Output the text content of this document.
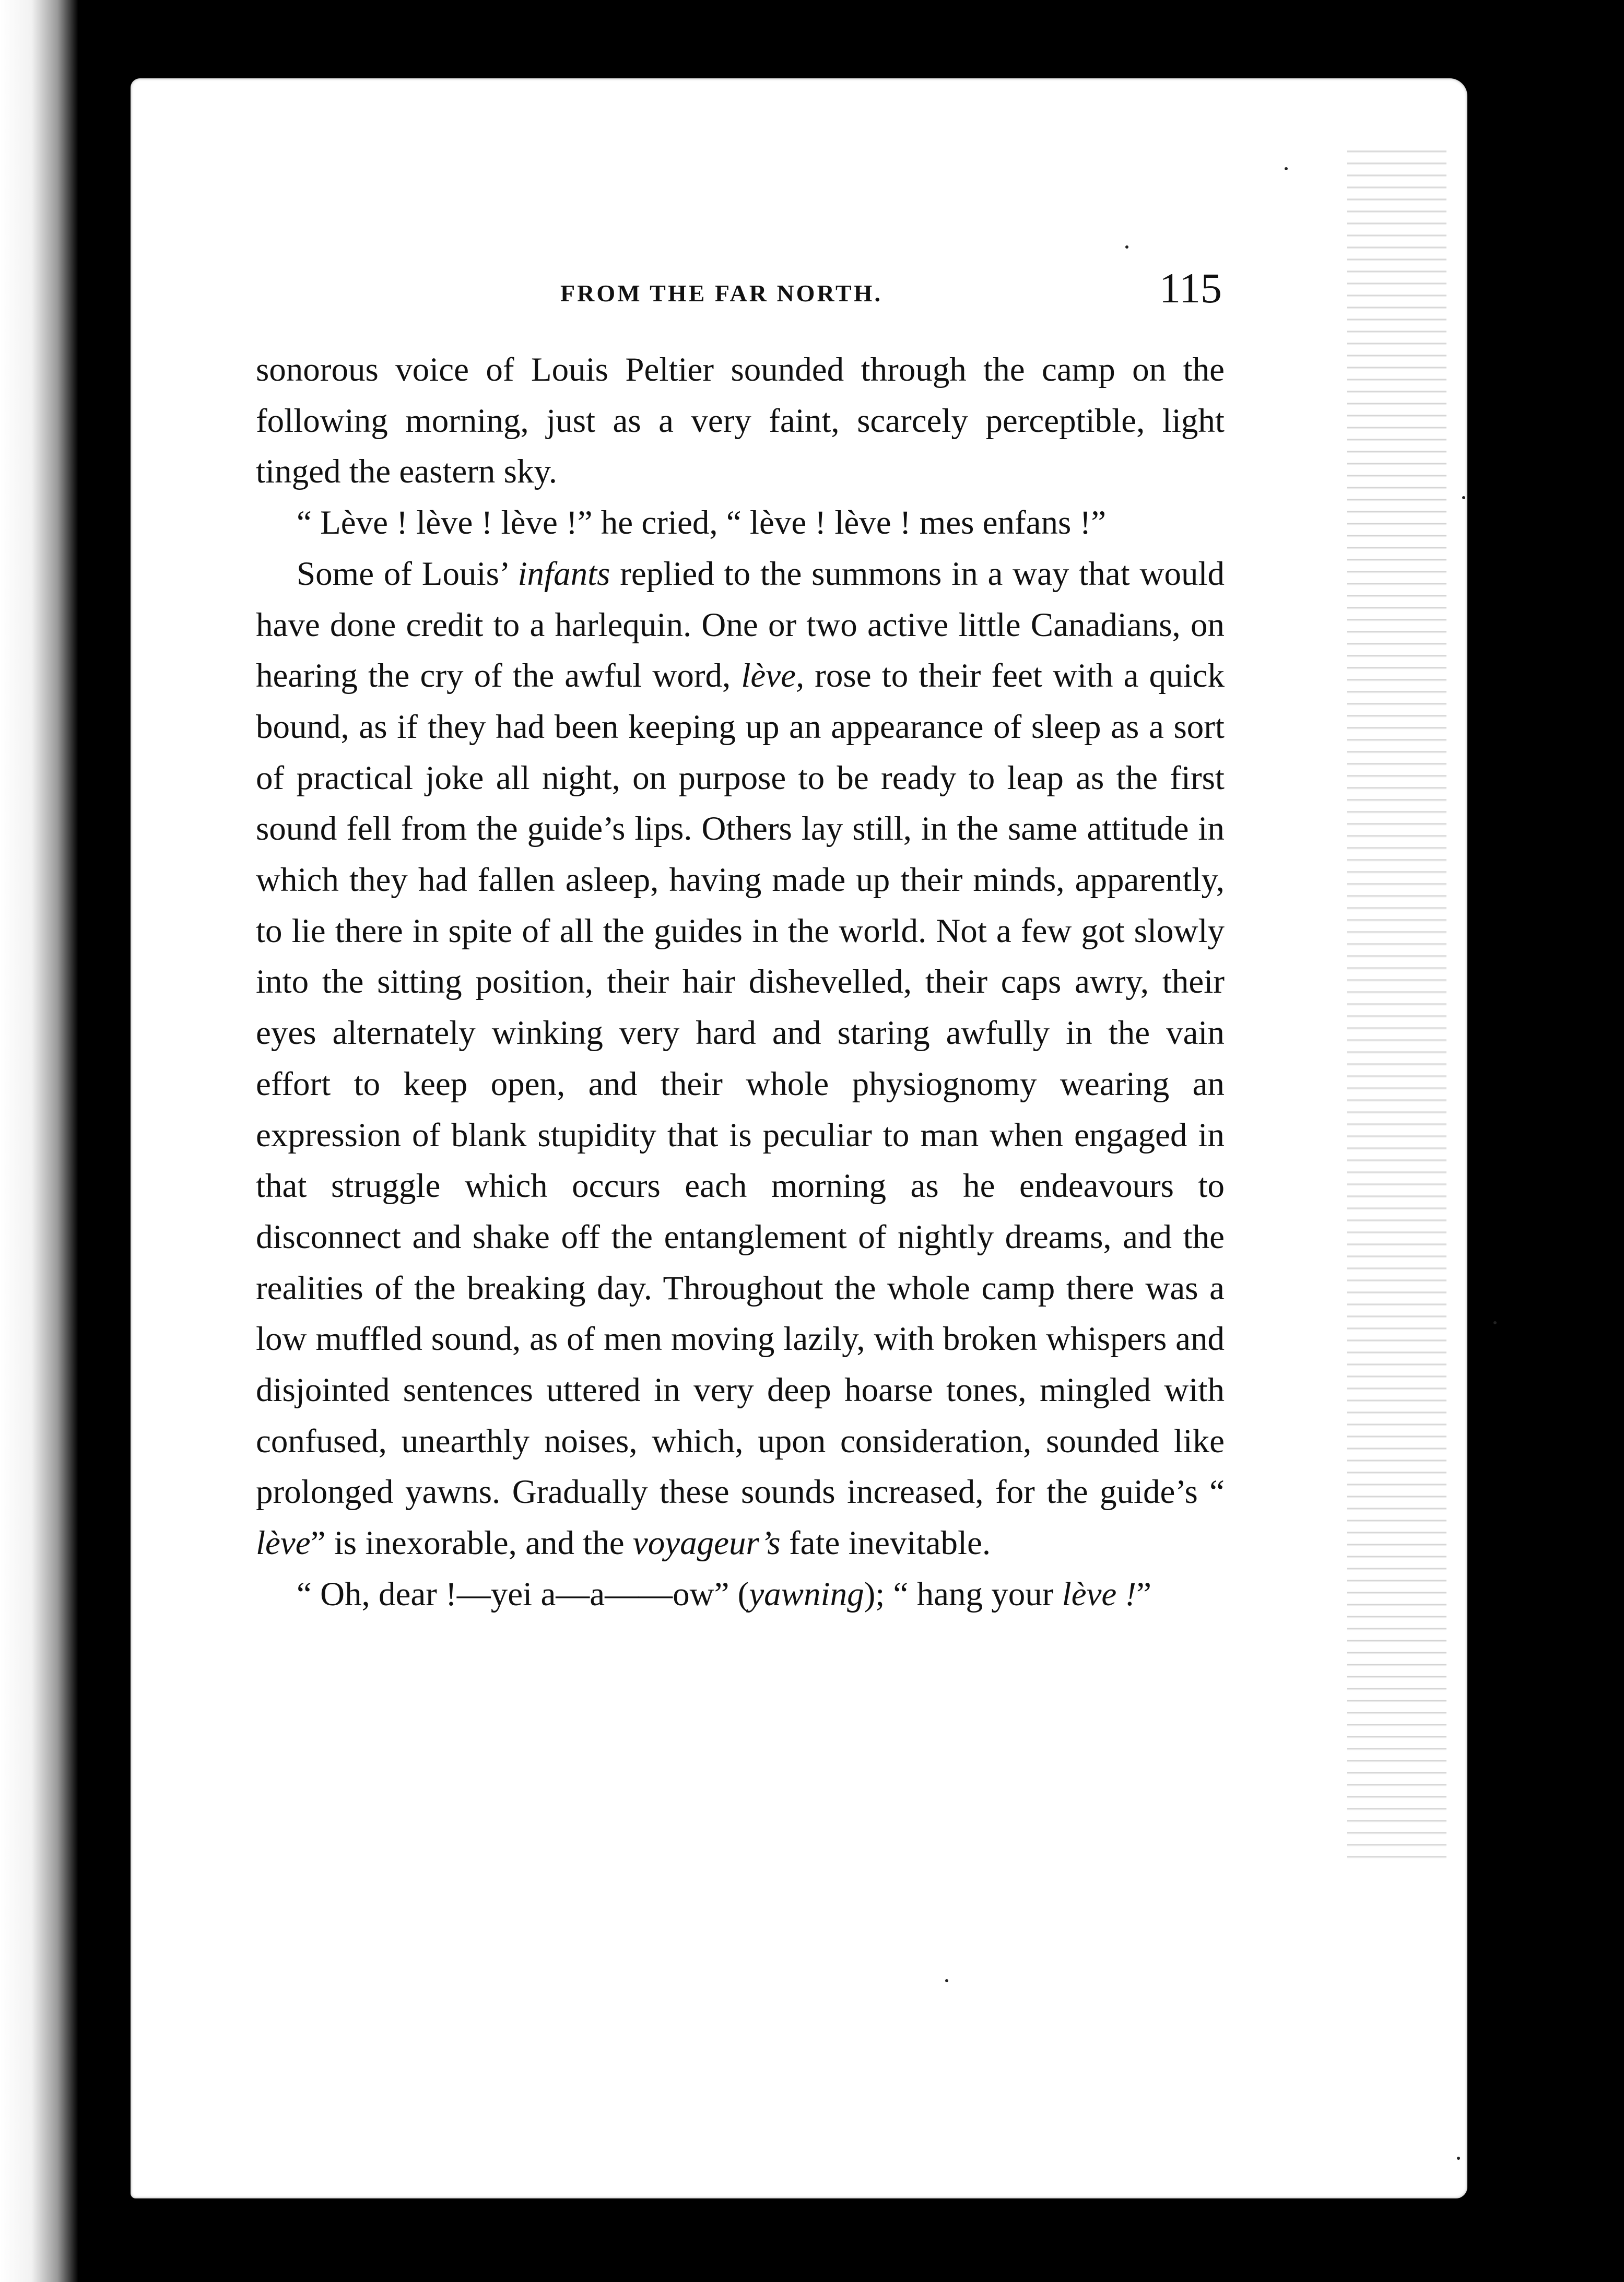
FROM THE FAR NORTH.	115

sonorous voice of Louis Peltier sounded through the camp on the following morning, just as a very faint, scarcely perceptible, light tinged the eastern sky.

“ Lève ! lève ! lève !” he cried, “ lève ! lève ! mes enfans !”

Some of Louis’ infants replied to the summons in a way that would have done credit to a harlequin. One or two active little Canadians, on hearing the cry of the awful word, lève, rose to their feet with a quick bound, as if they had been keeping up an appearance of sleep as a sort of practical joke all night, on purpose to be ready to leap as the first sound fell from the guide’s lips. Others lay still, in the same attitude in which they had fallen asleep, having made up their minds, apparently, to lie there in spite of all the guides in the world. Not a few got slowly into the sitting position, their hair dishevelled, their caps awry, their eyes alternately winking very hard and staring awfully in the vain effort to keep open, and their whole physiognomy wearing an expression of blank stupidity that is peculiar to man when engaged in that struggle which occurs each morning as he endeavours to disconnect and shake off the entanglement of nightly dreams, and the realities of the breaking day. Throughout the whole camp there was a low muffled sound, as of men moving lazily, with broken whispers and disjointed sentences uttered in very deep hoarse tones, mingled with confused, unearthly noises, which, upon consideration, sounded like prolonged yawns. Gradually these sounds increased, for the guide’s “ lève” is inexorable, and the voyageur’s fate inevitable.

“ Oh, dear !—yei a—a——ow” (yawning); “ hang your lève !”
